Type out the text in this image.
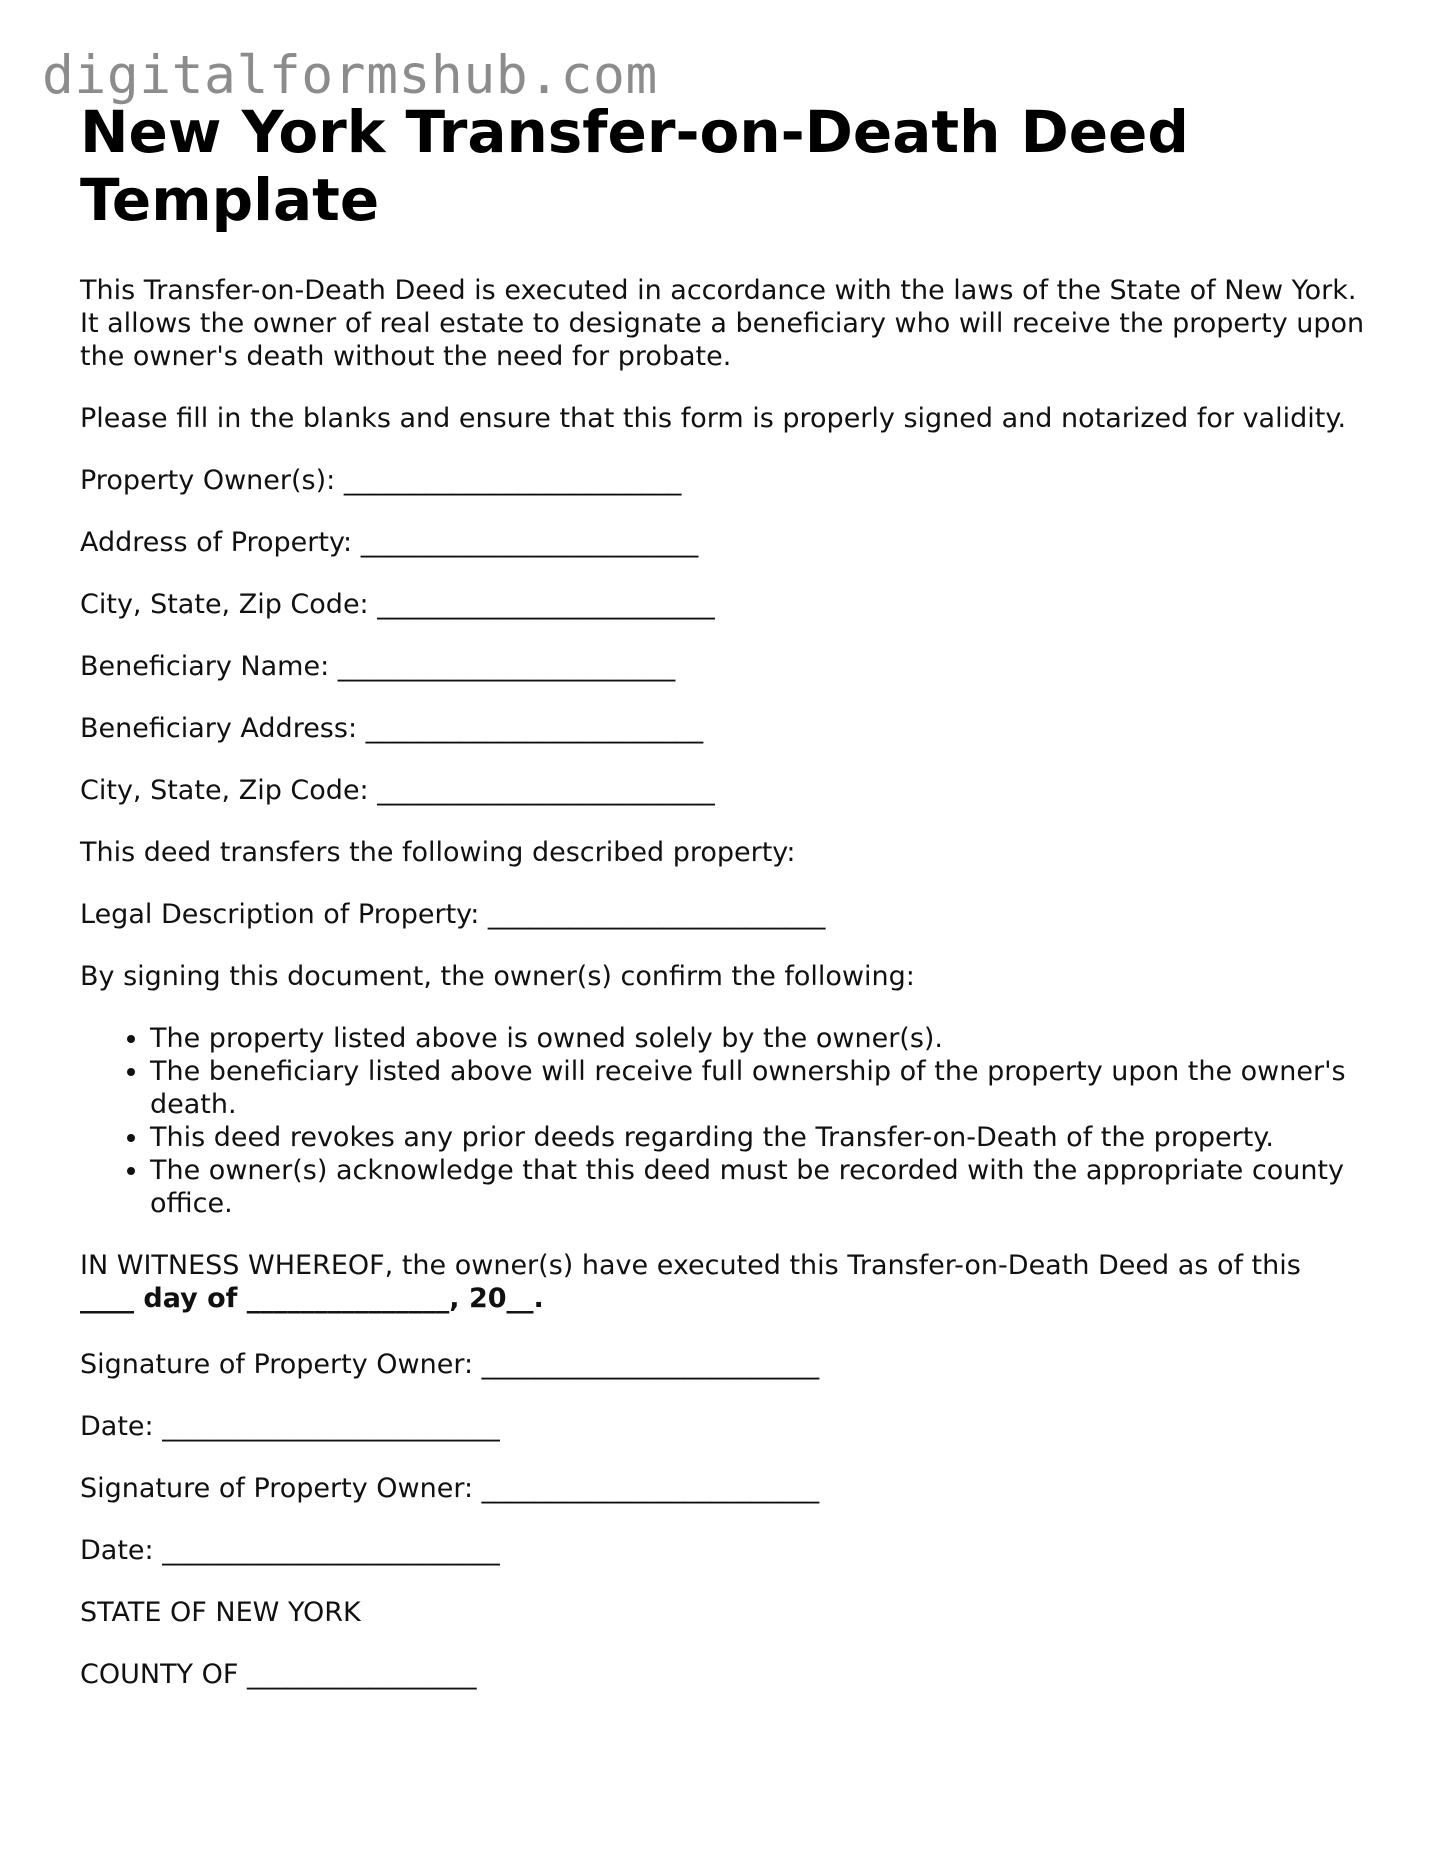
digitalformshub.com
New York Transfer-on-Death Deed Template

This Transfer-on-Death Deed is executed in accordance with the laws of the State of New York. It allows the owner of real estate to designate a beneficiary who will receive the property upon the owner's death without the need for probate.

Please fill in the blanks and ensure that this form is properly signed and notarized for validity.

Property Owner(s): _________________________

Address of Property: _________________________

City, State, Zip Code: _________________________

Beneficiary Name: _________________________

Beneficiary Address: _________________________

City, State, Zip Code: _________________________

This deed transfers the following described property:

Legal Description of Property: _________________________

By signing this document, the owner(s) confirm the following:

• The property listed above is owned solely by the owner(s).
• The beneficiary listed above will receive full ownership of the property upon the owner's death.
• This deed revokes any prior deeds regarding the Transfer-on-Death of the property.
• The owner(s) acknowledge that this deed must be recorded with the appropriate county office.

IN WITNESS WHEREOF, the owner(s) have executed this Transfer-on-Death Deed as of this
____ day of _______________, 20__.

Signature of Property Owner: _________________________

Date: _________________________

Signature of Property Owner: _________________________

Date: _________________________

STATE OF NEW YORK

COUNTY OF _________________
